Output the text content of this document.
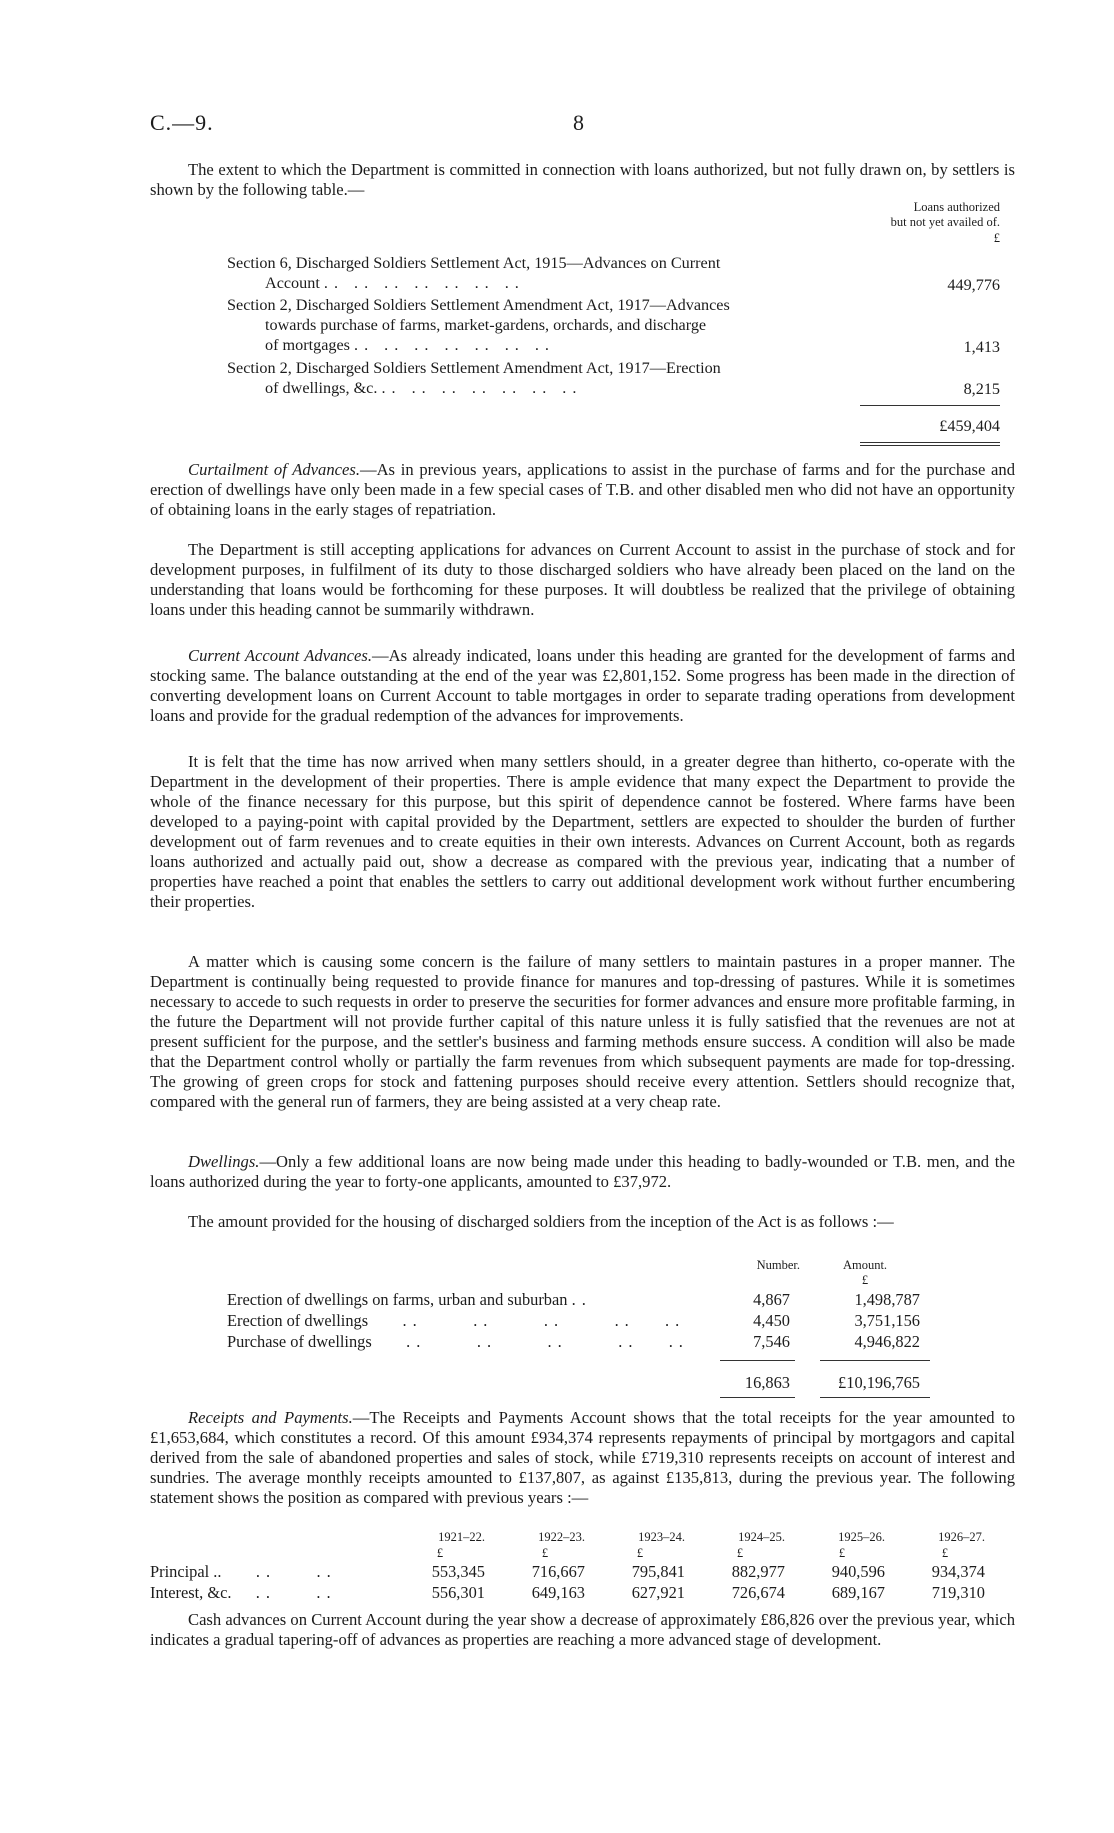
C.—9.	8

The extent to which the Department is committed in connection with loans authorized, but not fully drawn on, by settlers is shown by the following table.—

Loans authorized
but not yet availed of.
£
Section 6, Discharged Soldiers Settlement Act, 1915—Advances on Current
Account .. .. .. .. .. .. ..	449,776
Section 2, Discharged Soldiers Settlement Amendment Act, 1917—Advances
towards purchase of farms, market-gardens, orchards, and discharge
of mortgages .. .. .. .. .. .. ..	1,413
Section 2, Discharged Soldiers Settlement Amendment Act, 1917—Erection
of dwellings, &c. .. .. .. .. .. .. ..	8,215
£459,404

Curtailment of Advances.—As in previous years, applications to assist in the purchase of farms and for the purchase and erection of dwellings have only been made in a few special cases of T.B. and other disabled men who did not have an opportunity of obtaining loans in the early stages of repatriation.

The Department is still accepting applications for advances on Current Account to assist in the purchase of stock and for development purposes, in fulfilment of its duty to those discharged soldiers who have already been placed on the land on the understanding that loans would be forthcoming for these purposes. It will doubtless be realized that the privilege of obtaining loans under this heading cannot be summarily withdrawn.

Current Account Advances.—As already indicated, loans under this heading are granted for the development of farms and stocking same. The balance outstanding at the end of the year was £2,801,152. Some progress has been made in the direction of converting development loans on Current Account to table mortgages in order to separate trading operations from development loans and provide for the gradual redemption of the advances for improvements.

It is felt that the time has now arrived when many settlers should, in a greater degree than hitherto, co-operate with the Department in the development of their properties. There is ample evidence that many expect the Department to provide the whole of the finance necessary for this purpose, but this spirit of dependence cannot be fostered. Where farms have been developed to a paying-point with capital provided by the Department, settlers are expected to shoulder the burden of further development out of farm revenues and to create equities in their own interests. Advances on Current Account, both as regards loans authorized and actually paid out, show a decrease as compared with the previous year, indicating that a number of properties have reached a point that enables the settlers to carry out additional development work without further encumbering their properties.

A matter which is causing some concern is the failure of many settlers to maintain pastures in a proper manner. The Department is continually being requested to provide finance for manures and top-dressing of pastures. While it is sometimes necessary to accede to such requests in order to preserve the securities for former advances and ensure more profitable farming, in the future the Department will not provide further capital of this nature unless it is fully satisfied that the revenues are not at present sufficient for the purpose, and the settler's business and farming methods ensure success. A condition will also be made that the Department control wholly or partially the farm revenues from which subsequent payments are made for top-dressing. The growing of green crops for stock and fattening purposes should receive every attention. Settlers should recognize that, compared with the general run of farmers, they are being assisted at a very cheap rate.

Dwellings.—Only a few additional loans are now being made under this heading to badly-wounded or T.B. men, and the loans authorized during the year to forty-one applicants, amounted to £37,972.

The amount provided for the housing of discharged soldiers from the inception of the Act is as follows :—

Number.	Amount.
£
Erection of dwellings on farms, urban and suburban ..	4,867	1,498,787
Erection of dwellings    ..     ..     ..     ..   ..	4,450	3,751,156
Purchase of dwellings    ..     ..     ..     ..   ..	7,546	4,946,822
16,863	£10,196,765

Receipts and Payments.—The Receipts and Payments Account shows that the total receipts for the year amounted to £1,653,684, which constitutes a record. Of this amount £934,374 represents repayments of principal by mortgagors and capital derived from the sale of abandoned properties and sales of stock, while £719,310 represents receipts on account of interest and sundries. The average monthly receipts amounted to £137,807, as against £135,813, during the previous year. The following statement shows the position as compared with previous years :—

1921–22.	1922–23.	1923–24.	1924–25.	1925–26.	1926–27.
£	£	£	£	£	£
Principal ..    ..    ..	553,345	716,667	795,841	882,977	940,596	934,374
Interest, &c.   ..    ..	556,301	649,163	627,921	726,674	689,167	719,310

Cash advances on Current Account during the year show a decrease of approximately £86,826 over the previous year, which indicates a gradual tapering-off of advances as properties are reaching a more advanced stage of development.
